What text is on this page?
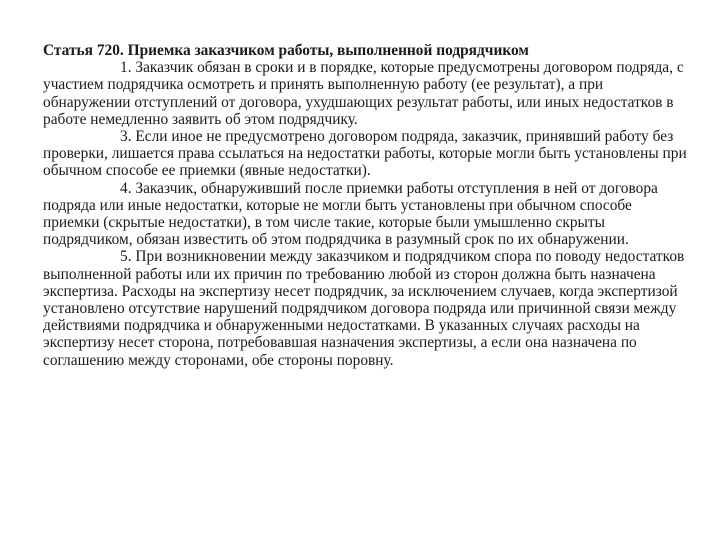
Статья 720. Приемка заказчиком работы, выполненной подрядчиком

1. Заказчик обязан в сроки и в порядке, которые предусмотрены договором подряда, с участием подрядчика осмотреть и принять выполненную работу (ее результат), а при обнаружении отступлений от договора, ухудшающих результат работы, или иных недостатков в работе немедленно заявить об этом подрядчику.

3. Если иное не предусмотрено договором подряда, заказчик, принявший работу без проверки, лишается права ссылаться на недостатки работы, которые могли быть установлены при обычном способе ее приемки (явные недостатки).

4. Заказчик, обнаруживший после приемки работы отступления в ней от договора подряда или иные недостатки, которые не могли быть установлены при обычном способе приемки (скрытые недостатки), в том числе такие, которые были умышленно скрыты подрядчиком, обязан известить об этом подрядчика в разумный срок по их обнаружении.

5. При возникновении между заказчиком и подрядчиком спора по поводу недостатков выполненной работы или их причин по требованию любой из сторон должна быть назначена экспертиза. Расходы на экспертизу несет подрядчик, за исключением случаев, когда экспертизой установлено отсутствие нарушений подрядчиком договора подряда или причинной связи между действиями подрядчика и обнаруженными недостатками. В указанных случаях расходы на экспертизу несет сторона, потребовавшая назначения экспертизы, а если она назначена по соглашению между сторонами, обе стороны поровну.
